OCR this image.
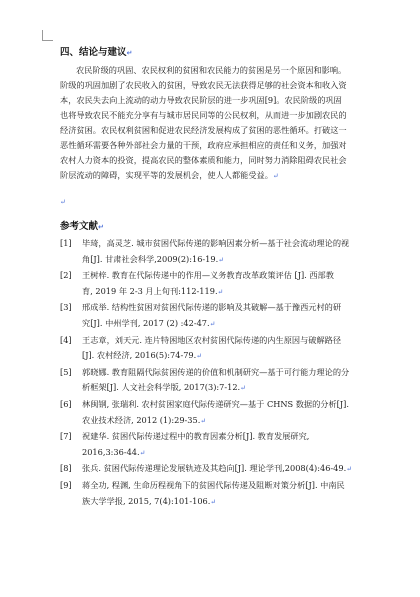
四、结论与建议↵

农民阶级的巩固、农民权利的贫困和农民能力的贫困是另一个原因和影响。
阶级的巩固加剧了农民收入的贫困，导致农民无法获得足够的社会资本和收入资
本，农民失去向上流动的动力导致农民阶层的进一步巩固[9]。农民阶级的巩固
也将导致农民不能充分享有与城市居民同等的公民权利，从而进一步加剧农民的
经济贫困。农民权利贫困和促进农民经济发展构成了贫困的恶性循环。打破这一
恶性循环需要各种外部社会力量的干预，政府应承担相应的责任和义务，加强对
农村人力资本的投资，提高农民的整体素质和能力，同时努力消除阻碍农民社会
阶层流动的障碍，实现平等的发展机会，使人人都能受益。↵

↵
参考文献↵
[1]	毕琦，高灵芝. 城市贫困代际传递的影响因素分析—基于社会流动理论的视
角[J]. 甘肃社会科学,2009(2):16-19.↵
[2]	王树梓. 教育在代际传递中的作用—义务教育改革政策评估 [J]. 西部教
育, 2019 年 2-3 月上旬刊:112-119.↵
[3]	邢成举. 结构性贫困对贫困代际传递的影响及其破解—基于豫西元村的研
究[J]. 中州学刊, 2017 (2) :42-47.↵
[4]	王志章，刘天元. 连片特困地区农村贫困代际传递的内生原因与破解路径
[J]. 农村经济, 2016(5):74-79.↵
[5]	郭晓娜. 教育阻隔代际贫困传递的价值和机制研究—基于可行能力理论的分
析框架[J]. 人文社会科学版, 2017(3):7-12.↵
[6]	林闽钢, 张瑞利. 农村贫困家庭代际传递研究—基于 CHNS 数据的分析[J].
农业技术经济, 2012 (1):29-35.↵
[7]	祝建华. 贫困代际传递过程中的教育因素分析[J]. 教育发展研究,
2016,3:36-44.↵
[8]	张兵. 贫困代际传递理论发展轨迹及其趋向[J]. 理论学刊,2008(4):46-49.↵
[9]	蒋全功, 程渊, 生命历程视角下的贫困代际传递及阻断对策分析[J]. 中南民
族大学学报, 2015, 7(4):101-106.↵
